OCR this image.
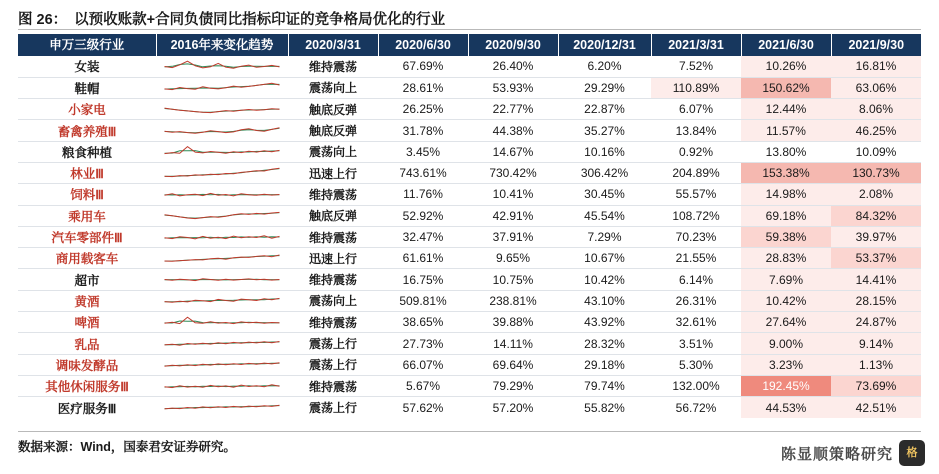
图 26： 以预收账款+合同负债同比指标印证的竞争格局优化的行业
申万三级行业	2016年来变化趋势	2020/3/31	2020/6/30	2020/9/30	2020/12/31	2021/3/31	2021/6/30	2021/9/30	
女装		维持震荡	67.69%	26.40%	6.20%	7.52%	10.26%	16.81%	
鞋帽		震荡向上	28.61%	53.93%	29.29%	110.89%	150.62%	63.06%	
小家电		触底反弹	26.25%	22.77%	22.87%	6.07%	12.44%	8.06%	
畜禽养殖Ⅲ		触底反弹	31.78%	44.38%	35.27%	13.84%	11.57%	46.25%	
粮食种植		震荡向上	3.45%	14.67%	10.16%	0.92%	13.80%	10.09%	
林业Ⅲ		迅速上行	743.61%	730.42%	306.42%	204.89%	153.38%	130.73%	
饲料Ⅲ		维持震荡	11.76%	10.41%	30.45%	55.57%	14.98%	2.08%	
乘用车		触底反弹	52.92%	42.91%	45.54%	108.72%	69.18%	84.32%	
汽车零部件Ⅲ		维持震荡	32.47%	37.91%	7.29%	70.23%	59.38%	39.97%	
商用载客车		迅速上行	61.61%	9.65%	10.67%	21.55%	28.83%	53.37%	
超市		维持震荡	16.75%	10.75%	10.42%	6.14%	7.69%	14.41%	
黄酒		震荡向上	509.81%	238.81%	43.10%	26.31%	10.42%	28.15%	
啤酒		维持震荡	38.65%	39.88%	43.92%	32.61%	27.64%	24.87%	
乳品		震荡上行	27.73%	14.11%	28.32%	3.51%	9.00%	9.14%	
调味发酵品		震荡上行	66.07%	69.64%	29.18%	5.30%	3.23%	1.13%	
其他休闲服务Ⅲ		维持震荡	5.67%	79.29%	79.74%	132.00%	192.45%	73.69%	
医疗服务Ⅲ		震荡上行	57.62%	57.20%	55.82%	56.72%	44.53%	42.51%	
数据来源：Wind，国泰君安证券研究。	陈显顺策略研究	格
